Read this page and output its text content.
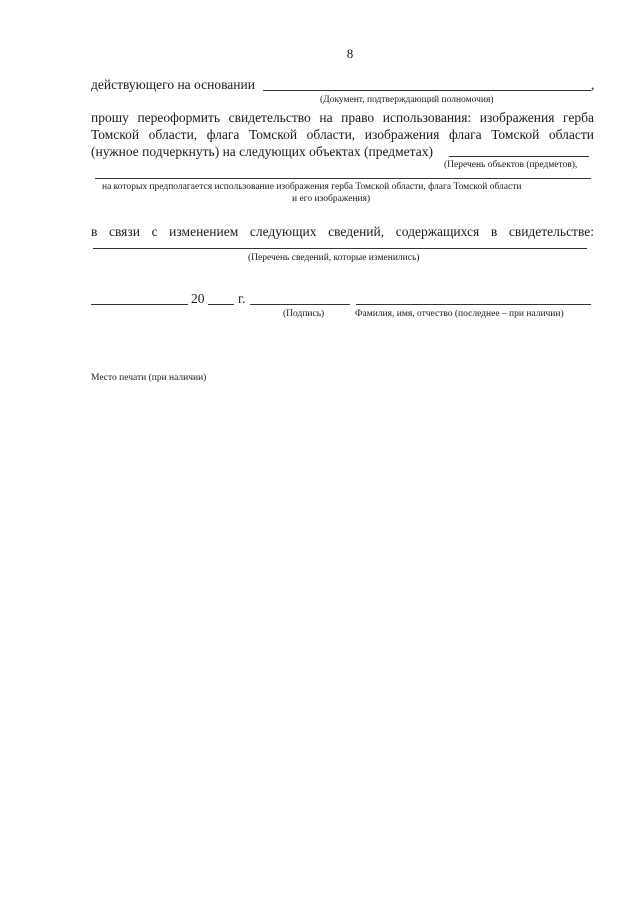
8
действующего на основании	,
(Документ, подтверждающий полномочия)
прошу переоформить свидетельство на право использования: изображения герба
Томской области, флага Томской области, изображения флага Томской области
(нужное подчеркнуть) на следующих объектах (предметах)
(Перечень объектов (предметов),
на которых предполагается использование изображения герба Томской области, флага Томской области
и его изображения)
в связи с изменением следующих сведений, содержащихся в свидетельстве:
(Перечень сведений, которые изменились)
20 г.
(Подпись)	Фамилия, имя, отчество (последнее – при наличии)
Место печати (при наличии)
